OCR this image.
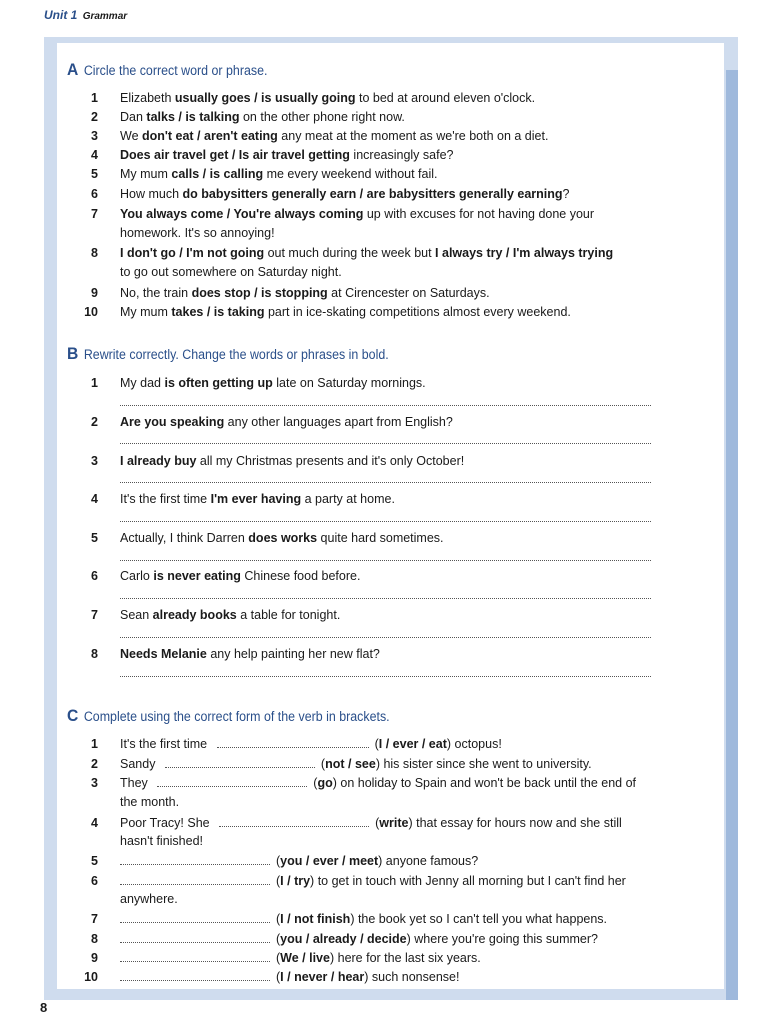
Unit 1 Grammar
A Circle the correct word or phrase.
1 Elizabeth usually goes / is usually going to bed at around eleven o'clock.
2 Dan talks / is talking on the other phone right now.
3 We don't eat / aren't eating any meat at the moment as we're both on a diet.
4 Does air travel get / Is air travel getting increasingly safe?
5 My mum calls / is calling me every weekend without fail.
6 How much do babysitters generally earn / are babysitters generally earning?
7 You always come / You're always coming up with excuses for not having done your
homework. It's so annoying!
8 I don't go / I'm not going out much during the week but I always try / I'm always trying
to go out somewhere on Saturday night.
9 No, the train does stop / is stopping at Cirencester on Saturdays.
10 My mum takes / is taking part in ice-skating competitions almost every weekend.
B Rewrite correctly. Change the words or phrases in bold.
1 My dad is often getting up late on Saturday mornings.
2 Are you speaking any other languages apart from English?
3 I already buy all my Christmas presents and it's only October!
4 It's the first time I'm ever having a party at home.
5 Actually, I think Darren does works quite hard sometimes.
6 Carlo is never eating Chinese food before.
7 Sean already books a table for tonight.
8 Needs Melanie any help painting her new flat?
C Complete using the correct form of the verb in brackets.
1 It's the first time	(I / ever / eat) octopus!
2 Sandy	(not / see) his sister since she went to university.
3 They	(go) on holiday to Spain and won't be back until the end of
the month.
4 Poor Tracy! She	(write) that essay for hours now and she still
hasn't finished!
5	(you / ever / meet) anyone famous?
6	(I / try) to get in touch with Jenny all morning but I can't find her
anywhere.
7	(I / not finish) the book yet so I can't tell you what happens.
8	(you / already / decide) where you're going this summer?
9	(We / live) here for the last six years.
10	(I / never / hear) such nonsense!
8
